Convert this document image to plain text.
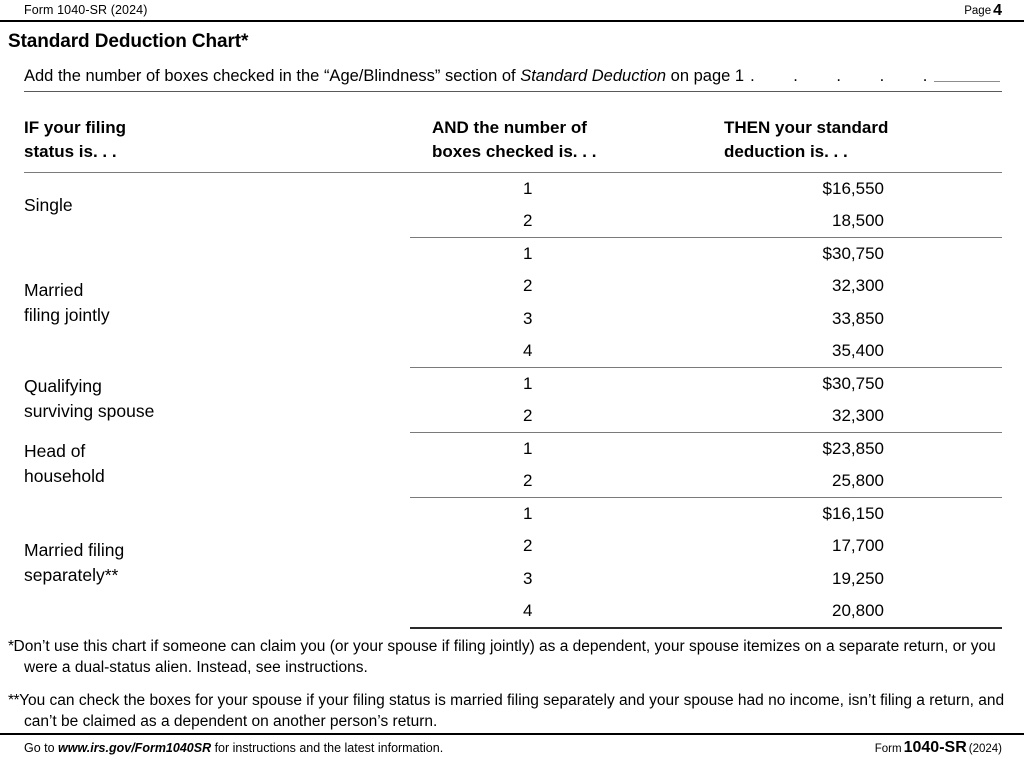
Form 1040-SR (2024)	Page 4
Standard Deduction Chart*
Add the number of boxes checked in the “Age/Blindness” section of Standard Deduction on page 1 . . . . .
IF your filing
status is. . .

AND the number of
boxes checked is. . .

THEN your standard
deduction is. . .

Single	1	$16,550
	2	18,500

Married
filing jointly	1	$30,750
	2	32,300
	3	33,850
	4	35,400

Qualifying
surviving spouse	1	$30,750
	2	32,300

Head of
household	1	$23,850
	2	25,800

Married filing
separately**	1	$16,150
	2	17,700
	3	19,250
	4	20,800
*Don’t use this chart if someone can claim you (or your spouse if filing jointly) as a dependent, your spouse itemizes on a separate return, or you were a dual-status alien. Instead, see instructions.
**You can check the boxes for your spouse if your filing status is married filing separately and your spouse had no income, isn’t filing a return, and can’t be claimed as a dependent on another person’s return.
Go to www.irs.gov/Form1040SR for instructions and the latest information.	Form 1040-SR (2024)
